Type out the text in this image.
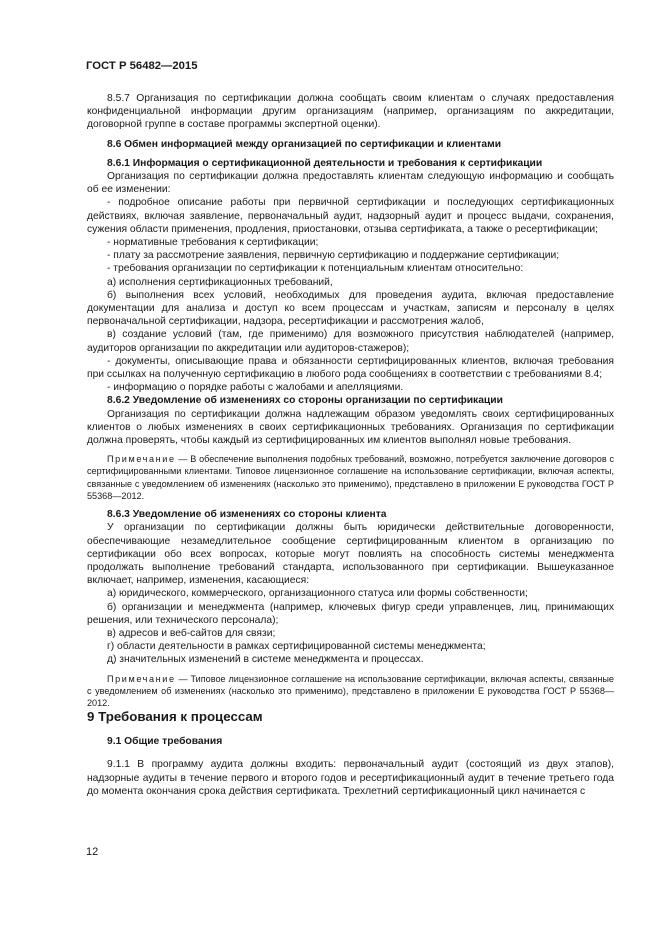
ГОСТ Р 56482—2015

8.5.7 Организация по сертификации должна сообщать своим клиентам о случаях предоставления конфиденциальной информации другим организациям (например, организациям по аккредитации, договорной группе в составе программы экспертной оценки).

8.6 Обмен информацией между организацией по сертификации и клиентами

8.6.1 Информация о сертификационной деятельности и требования к сертификации

Организация по сертификации должна предоставлять клиентам следующую информацию и сообщать об ее изменении:

- подробное описание работы при первичной сертификации и последующих сертификационных действиях, включая заявление, первоначальный аудит, надзорный аудит и процесс выдачи, сохранения, сужения области применения, продления, приостановки, отзыва сертификата, а также о ресертификации;

- нормативные требования к сертификации;

- плату за рассмотрение заявления, первичную сертификацию и поддержание сертификации;

- требования организации по сертификации к потенциальным клиентам относительно:

а) исполнения сертификационных требований,

б) выполнения всех условий, необходимых для проведения аудита, включая предоставление документации для анализа и доступ ко всем процессам и участкам, записям и персоналу в целях первоначальной сертификации, надзора, ресертификации и рассмотрения жалоб,

в) создание условий (там, где применимо) для возможного присутствия наблюдателей (например, аудиторов организации по аккредитации или аудиторов-стажеров);

- документы, описывающие права и обязанности сертифицированных клиентов, включая требования при ссылках на полученную сертификацию в любого рода сообщениях в соответствии с требованиями 8.4;

- информацию о порядке работы с жалобами и апелляциями.

8.6.2 Уведомление об изменениях со стороны организации по сертификации

Организация по сертификации должна надлежащим образом уведомлять своих сертифицированных клиентов о любых изменениях в своих сертификационных требованиях. Организация по сертификации должна проверять, чтобы каждый из сертифицированных им клиентов выполнял новые требования.

Примечание — В обеспечение выполнения подобных требований, возможно, потребуется заключение договоров с сертифицированными клиентами. Типовое лицензионное соглашение на использование сертификации, включая аспекты, связанные с уведомлением об изменениях (насколько это применимо), представлено в приложении Е руководства ГОСТ Р 55368—2012.

8.6.3 Уведомление об изменениях со стороны клиента

У организации по сертификации должны быть юридически действительные договоренности, обеспечивающие незамедлительное сообщение сертифицированным клиентом в организацию по сертификации обо всех вопросах, которые могут повлиять на способность системы менеджмента продолжать выполнение требований стандарта, использованного при сертификации. Вышеуказанное включает, например, изменения, касающиеся:

а) юридического, коммерческого, организационного статуса или формы собственности;

б) организации и менеджмента (например, ключевых фигур среди управленцев, лиц, принимающих решения, или технического персонала);

в) адресов и веб-сайтов для связи;

г) области деятельности в рамках сертифицированной системы менеджмента;

д) значительных изменений в системе менеджмента и процессах.

Примечание — Типовое лицензионное соглашение на использование сертификации, включая аспекты, связанные с уведомлением об изменениях (насколько это применимо), представлено в приложении Е руководства ГОСТ Р 55368—2012.

9 Требования к процессам

9.1 Общие требования

9.1.1 В программу аудита должны входить: первоначальный аудит (состоящий из двух этапов), надзорные аудиты в течение первого и второго годов и ресертификационный аудит в течение третьего года до момента окончания срока действия сертификата. Трехлетний сертификационный цикл начинается с

12
